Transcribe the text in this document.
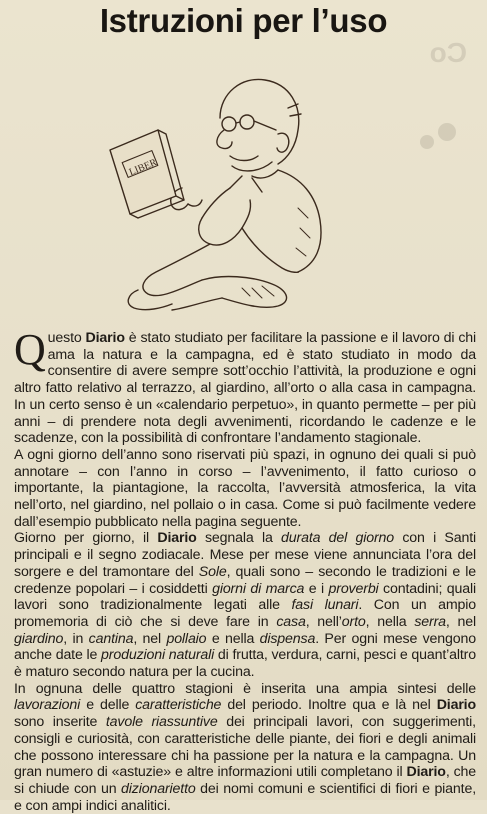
Co
Istruzioni per l’uso
LIBER

Questo Diario è stato studiato per facilitare la passione e il lavoro di chi ama la natura e la campagna, ed è stato studiato in modo da consentire di avere sempre sott’occhio l’attività, la produzione e ogni altro fatto relativo al terrazzo, al giardino, all’orto o alla casa in campagna. In un certo senso è un «calendario perpetuo», in quanto permette – per più anni – di prendere nota degli avvenimenti, ricordando le cadenze e le scadenze, con la possibilità di confrontare l’andamento stagionale.

A ogni giorno dell’anno sono riservati più spazi, in ognuno dei quali si può annotare – con l’anno in corso – l’avvenimento, il fatto curioso o importante, la piantagione, la raccolta, l’avversità atmosferica, la vita nell’orto, nel giardino, nel pollaio o in casa. Come si può facilmente vedere dall’esempio pubblicato nella pagina seguente.

Giorno per giorno, il Diario segnala la durata del giorno con i Santi principali e il segno zodiacale. Mese per mese viene annunciata l’ora del sorgere e del tramontare del Sole, quali sono – secondo le tradizioni e le credenze popolari – i cosiddetti giorni di marca e i proverbi contadini; quali lavori sono tradizionalmente legati alle fasi lunari. Con un ampio promemoria di ciò che si deve fare in casa, nell’orto, nella serra, nel giardino, in cantina, nel pollaio e nella dispensa. Per ogni mese vengono anche date le produzioni naturali di frutta, verdura, carni, pesci e quant’altro è maturo secondo natura per la cucina.

In ognuna delle quattro stagioni è inserita una ampia sintesi delle lavorazioni e delle caratteristiche del periodo. Inoltre qua e là nel Diario sono inserite tavole riassuntive dei principali lavori, con suggerimenti, consigli e curiosità, con caratteristiche delle piante, dei fiori e degli animali che possono interessare chi ha passione per la natura e la campagna. Un gran numero di «astuzie» e altre informazioni utili completano il Diario, che si chiude con un dizionarietto dei nomi comuni e scientifici di fiori e piante, e con ampi indici analitici.
